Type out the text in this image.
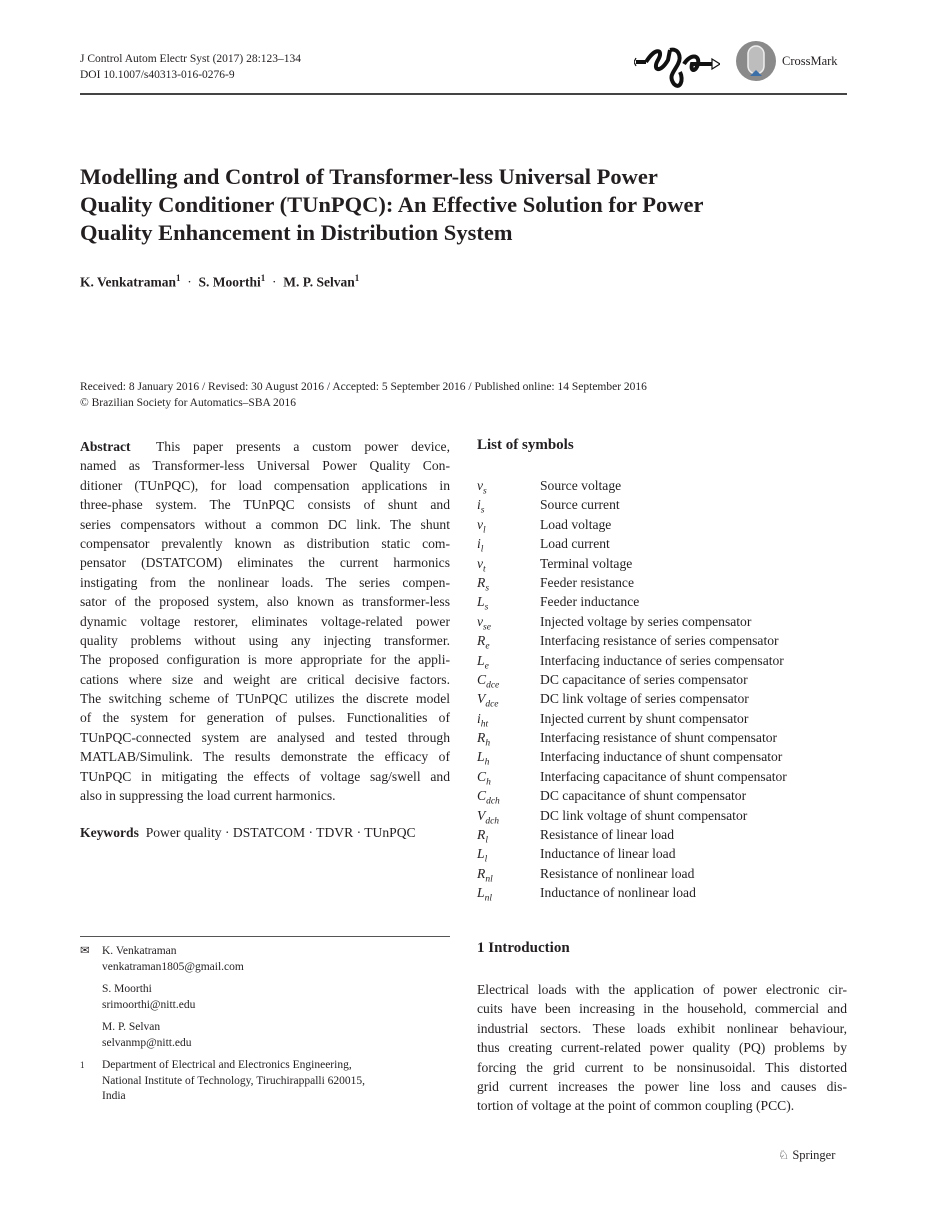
J Control Autom Electr Syst (2017) 28:123–134
DOI 10.1007/s40313-016-0276-9
CrossMark
Modelling and Control of Transformer-less Universal Power
Quality Conditioner (TUnPQC): An Effective Solution for Power
Quality Enhancement in Distribution System
K. Venkatraman$^1$  ·  S. Moorthi$^1$  ·  M. P. Selvan$^1$
Received: 8 January 2016 / Revised: 30 August 2016 / Accepted: 5 September 2016 / Published online: 14 September 2016
© Brazilian Society for Automatics–SBA 2016
Abstract This paper presents a custom power device,
named as Transformer-less Universal Power Quality Con-
ditioner (TUnPQC), for load compensation applications in
three-phase system. The TUnPQC consists of shunt and
series compensators without a common DC link. The shunt
compensator prevalently known as distribution static com-
pensator (DSTATCOM) eliminates the current harmonics
instigating from the nonlinear loads. The series compen-
sator of the proposed system, also known as transformer-less
dynamic voltage restorer, eliminates voltage-related power
quality problems without using any injecting transformer.
The proposed configuration is more appropriate for the appli-
cations where size and weight are critical decisive factors.
The switching scheme of TUnPQC utilizes the discrete model
of the system for generation of pulses. Functionalities of
TUnPQC-connected system are analysed and tested through
MATLAB/Simulink. The results demonstrate the efficacy of
TUnPQC in mitigating the effects of voltage sag/swell and
also in suppressing the load current harmonics.
Keywords Power quality · DSTATCOM · TDVR · TUnPQC
List of symbols
$v_s$	Source voltage
$i_s$	Source current
$v_l$	Load voltage
$i_l$	Load current
$v_t$	Terminal voltage
$R_s$	Feeder resistance
$L_s$	Feeder inductance
$v_{se}$	Injected voltage by series compensator
$R_e$	Interfacing resistance of series compensator
$L_e$	Interfacing inductance of series compensator
$C_{dce}$	DC capacitance of series compensator
$V_{dce}$	DC link voltage of series compensator
$i_{ht}$	Injected current by shunt compensator
$R_h$	Interfacing resistance of shunt compensator
$L_h$	Interfacing inductance of shunt compensator
$C_h$	Interfacing capacitance of shunt compensator
$C_{dch}$	DC capacitance of shunt compensator
$V_{dch}$	DC link voltage of shunt compensator
$R_l$	Resistance of linear load
$L_l$	Inductance of linear load
$R_{nl}$	Resistance of nonlinear load
$L_{nl}$	Inductance of nonlinear load
✉	K. Venkatraman
venkatraman1805@gmail.com
S. Moorthi
srimoorthi@nitt.edu
M. P. Selvan
selvanmp@nitt.edu
1	Department of Electrical and Electronics Engineering,
National Institute of Technology, Tiruchirappalli 620015,
India
1 Introduction
Electrical loads with the application of power electronic cir-
cuits have been increasing in the household, commercial and
industrial sectors. These loads exhibit nonlinear behaviour,
thus creating current-related power quality (PQ) problems by
forcing the grid current to be nonsinusoidal. This distorted
grid current increases the power line loss and causes dis-
tortion of voltage at the point of common coupling (PCC).
♘ Springer
